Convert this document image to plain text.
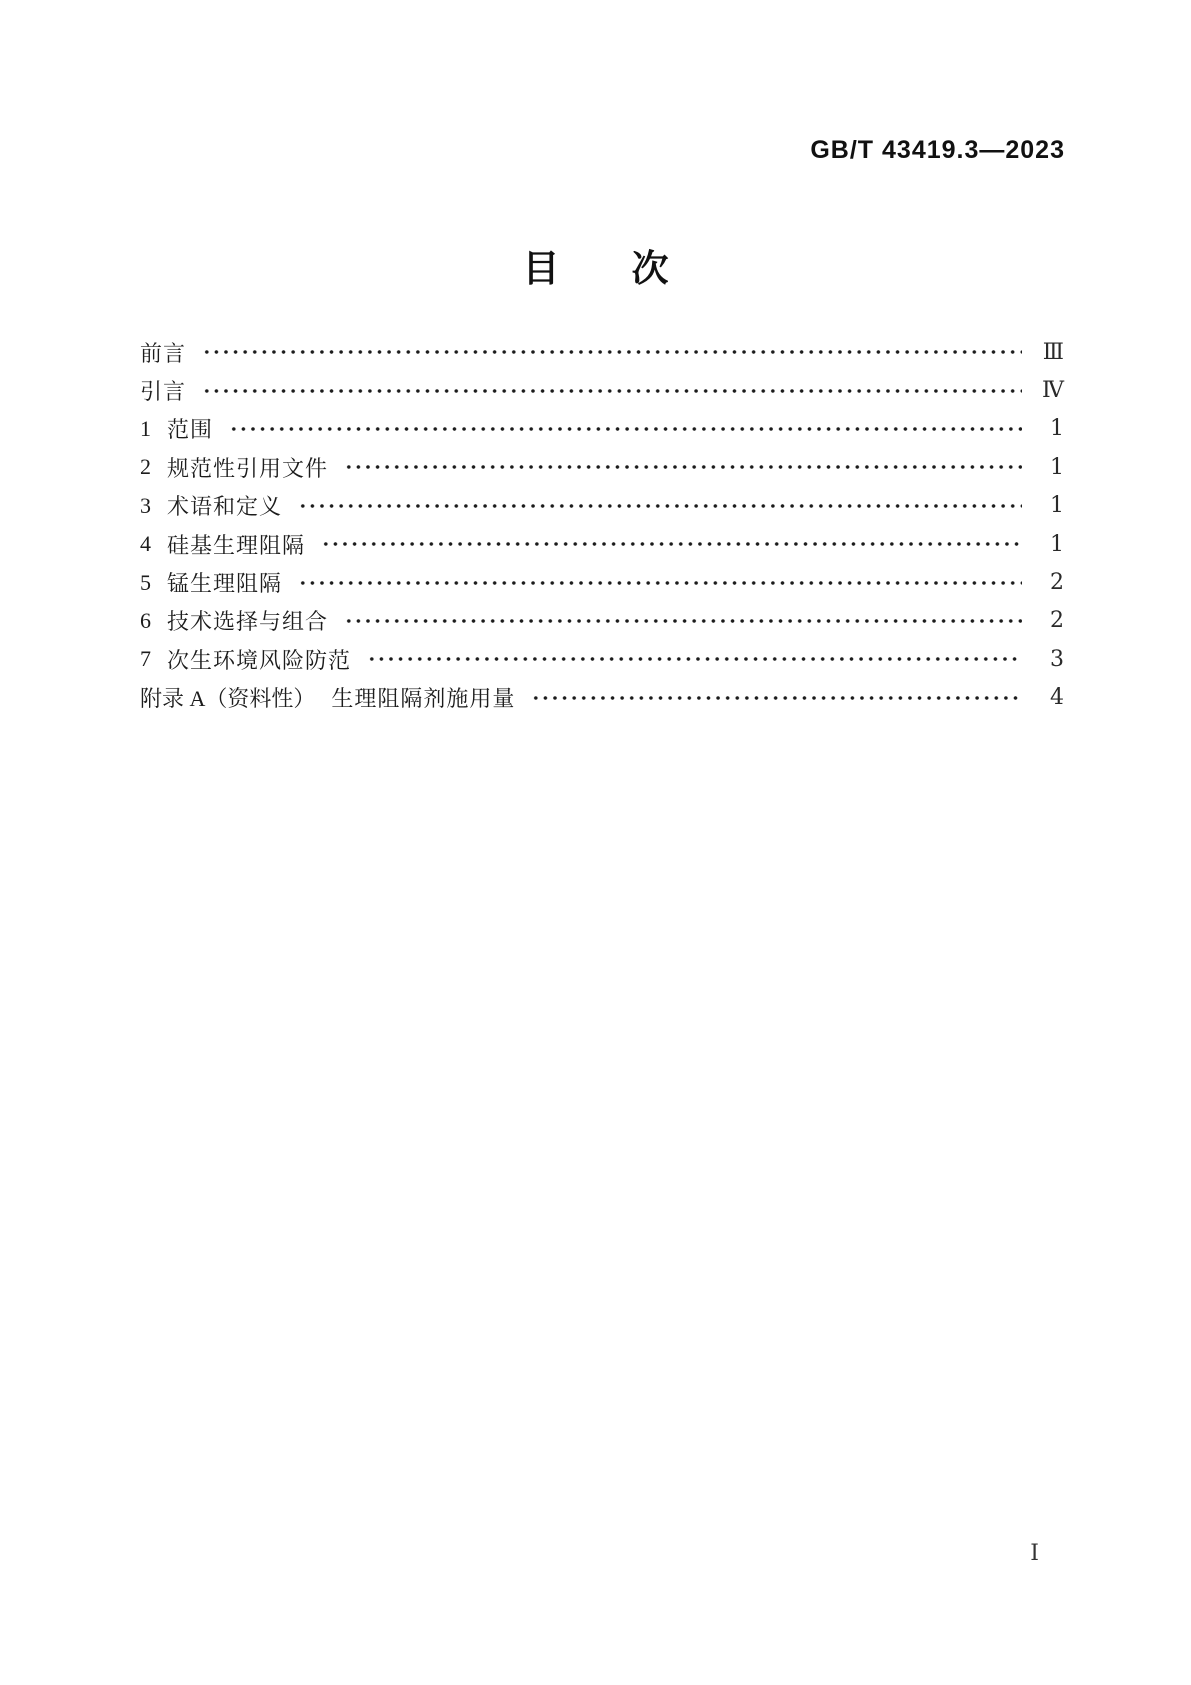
GB/T 43419.3—2023
目 次
前言	Ⅲ
引言	Ⅳ
1 范围	1
2 规范性引用文件	1
3 术语和定义	1
4 硅基生理阻隔	1
5 锰生理阻隔	2
6 技术选择与组合	2
7 次生环境风险防范	3
附录 A（资料性） 生理阻隔剂施用量	4
Ⅰ
